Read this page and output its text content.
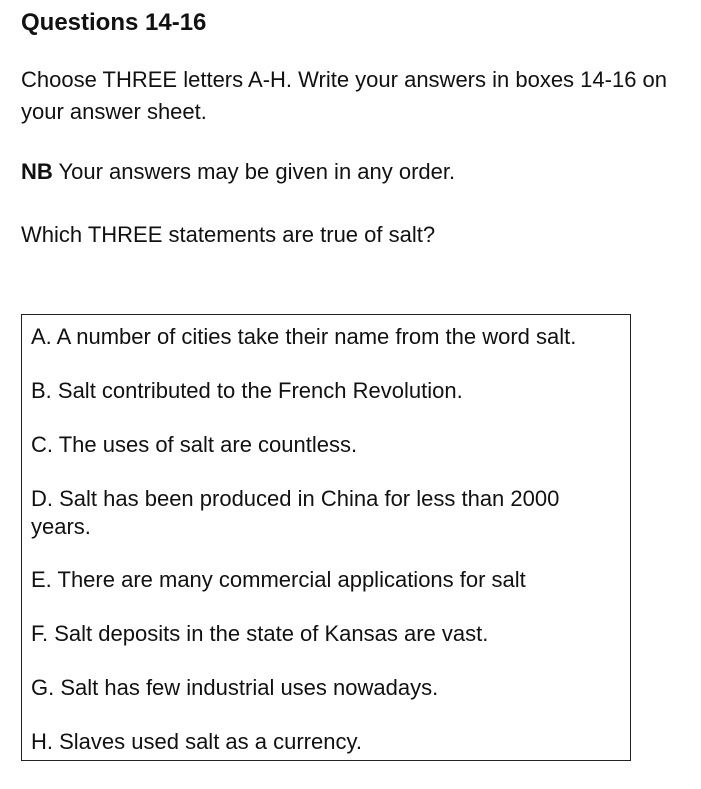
Questions 14-16

Choose THREE letters A-H. Write your answers in boxes 14-16 on your answer sheet.

NB Your answers may be given in any order.

Which THREE statements are true of salt?

A. A number of cities take their name from the word salt.

B. Salt contributed to the French Revolution.

C. The uses of salt are countless.

D. Salt has been produced in China for less than 2000 years.

E. There are many commercial applications for salt

F. Salt deposits in the state of Kansas are vast.

G. Salt has few industrial uses nowadays.

H. Slaves used salt as a currency.
